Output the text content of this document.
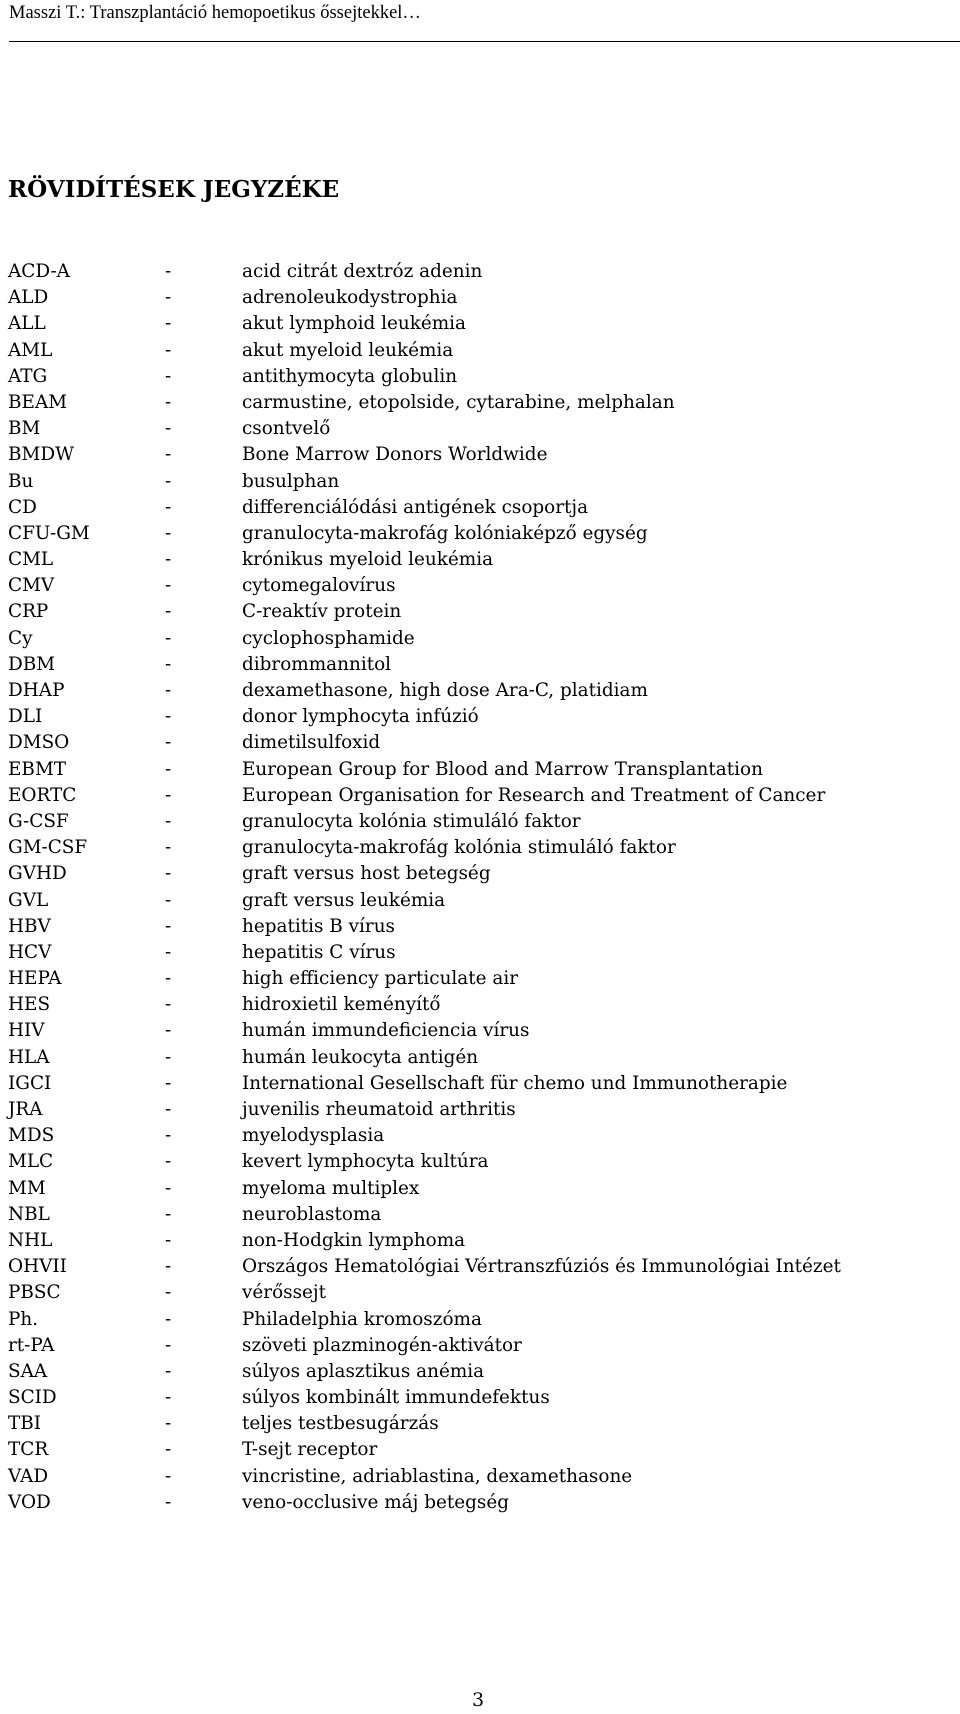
Masszi T.: Transzplantáció hemopoetikus őssejtekkel…
RÖVIDÍTÉSEK JEGYZÉKE
ACD-A	-	acid citrát dextróz adenin
ALD	-	adrenoleukodystrophia
ALL	-	akut lymphoid leukémia
AML	-	akut myeloid leukémia
ATG	-	antithymocyta globulin
BEAM	-	carmustine, etopolside, cytarabine, melphalan
BM	-	csontvelő
BMDW	-	Bone Marrow Donors Worldwide
Bu	-	busulphan
CD	-	differenciálódási antigének csoportja
CFU-GM	-	granulocyta-makrofág kolóniaképző egység
CML	-	krónikus myeloid leukémia
CMV	-	cytomegalovírus
CRP	-	C-reaktív protein
Cy	-	cyclophosphamide
DBM	-	dibrommannitol
DHAP	-	dexamethasone, high dose Ara-C, platidiam
DLI	-	donor lymphocyta infúzió
DMSO	-	dimetilsulfoxid
EBMT	-	European Group for Blood and Marrow Transplantation
EORTC	-	European Organisation for Research and Treatment of Cancer
G-CSF	-	granulocyta kolónia stimuláló faktor
GM-CSF	-	granulocyta-makrofág kolónia stimuláló faktor
GVHD	-	graft versus host betegség
GVL	-	graft versus leukémia
HBV	-	hepatitis B vírus
HCV	-	hepatitis C vírus
HEPA	-	high efficiency particulate air
HES	-	hidroxietil keményítő
HIV	-	humán immundeficiencia vírus
HLA	-	humán leukocyta antigén
IGCI	-	International Gesellschaft für chemo und Immunotherapie
JRA	-	juvenilis rheumatoid arthritis
MDS	-	myelodysplasia
MLC	-	kevert lymphocyta kultúra
MM	-	myeloma multiplex
NBL	-	neuroblastoma
NHL	-	non-Hodgkin lymphoma
OHVII	-	Országos Hematológiai Vértranszfúziós és Immunológiai Intézet
PBSC	-	vérőssejt
Ph.	-	Philadelphia kromoszóma
rt-PA	-	szöveti plazminogén-aktivátor
SAA	-	súlyos aplasztikus anémia
SCID	-	súlyos kombinált immundefektus
TBI	-	teljes testbesugárzás
TCR	-	T-sejt receptor
VAD	-	vincristine, adriablastina, dexamethasone
VOD	-	veno-occlusive máj betegség
3
